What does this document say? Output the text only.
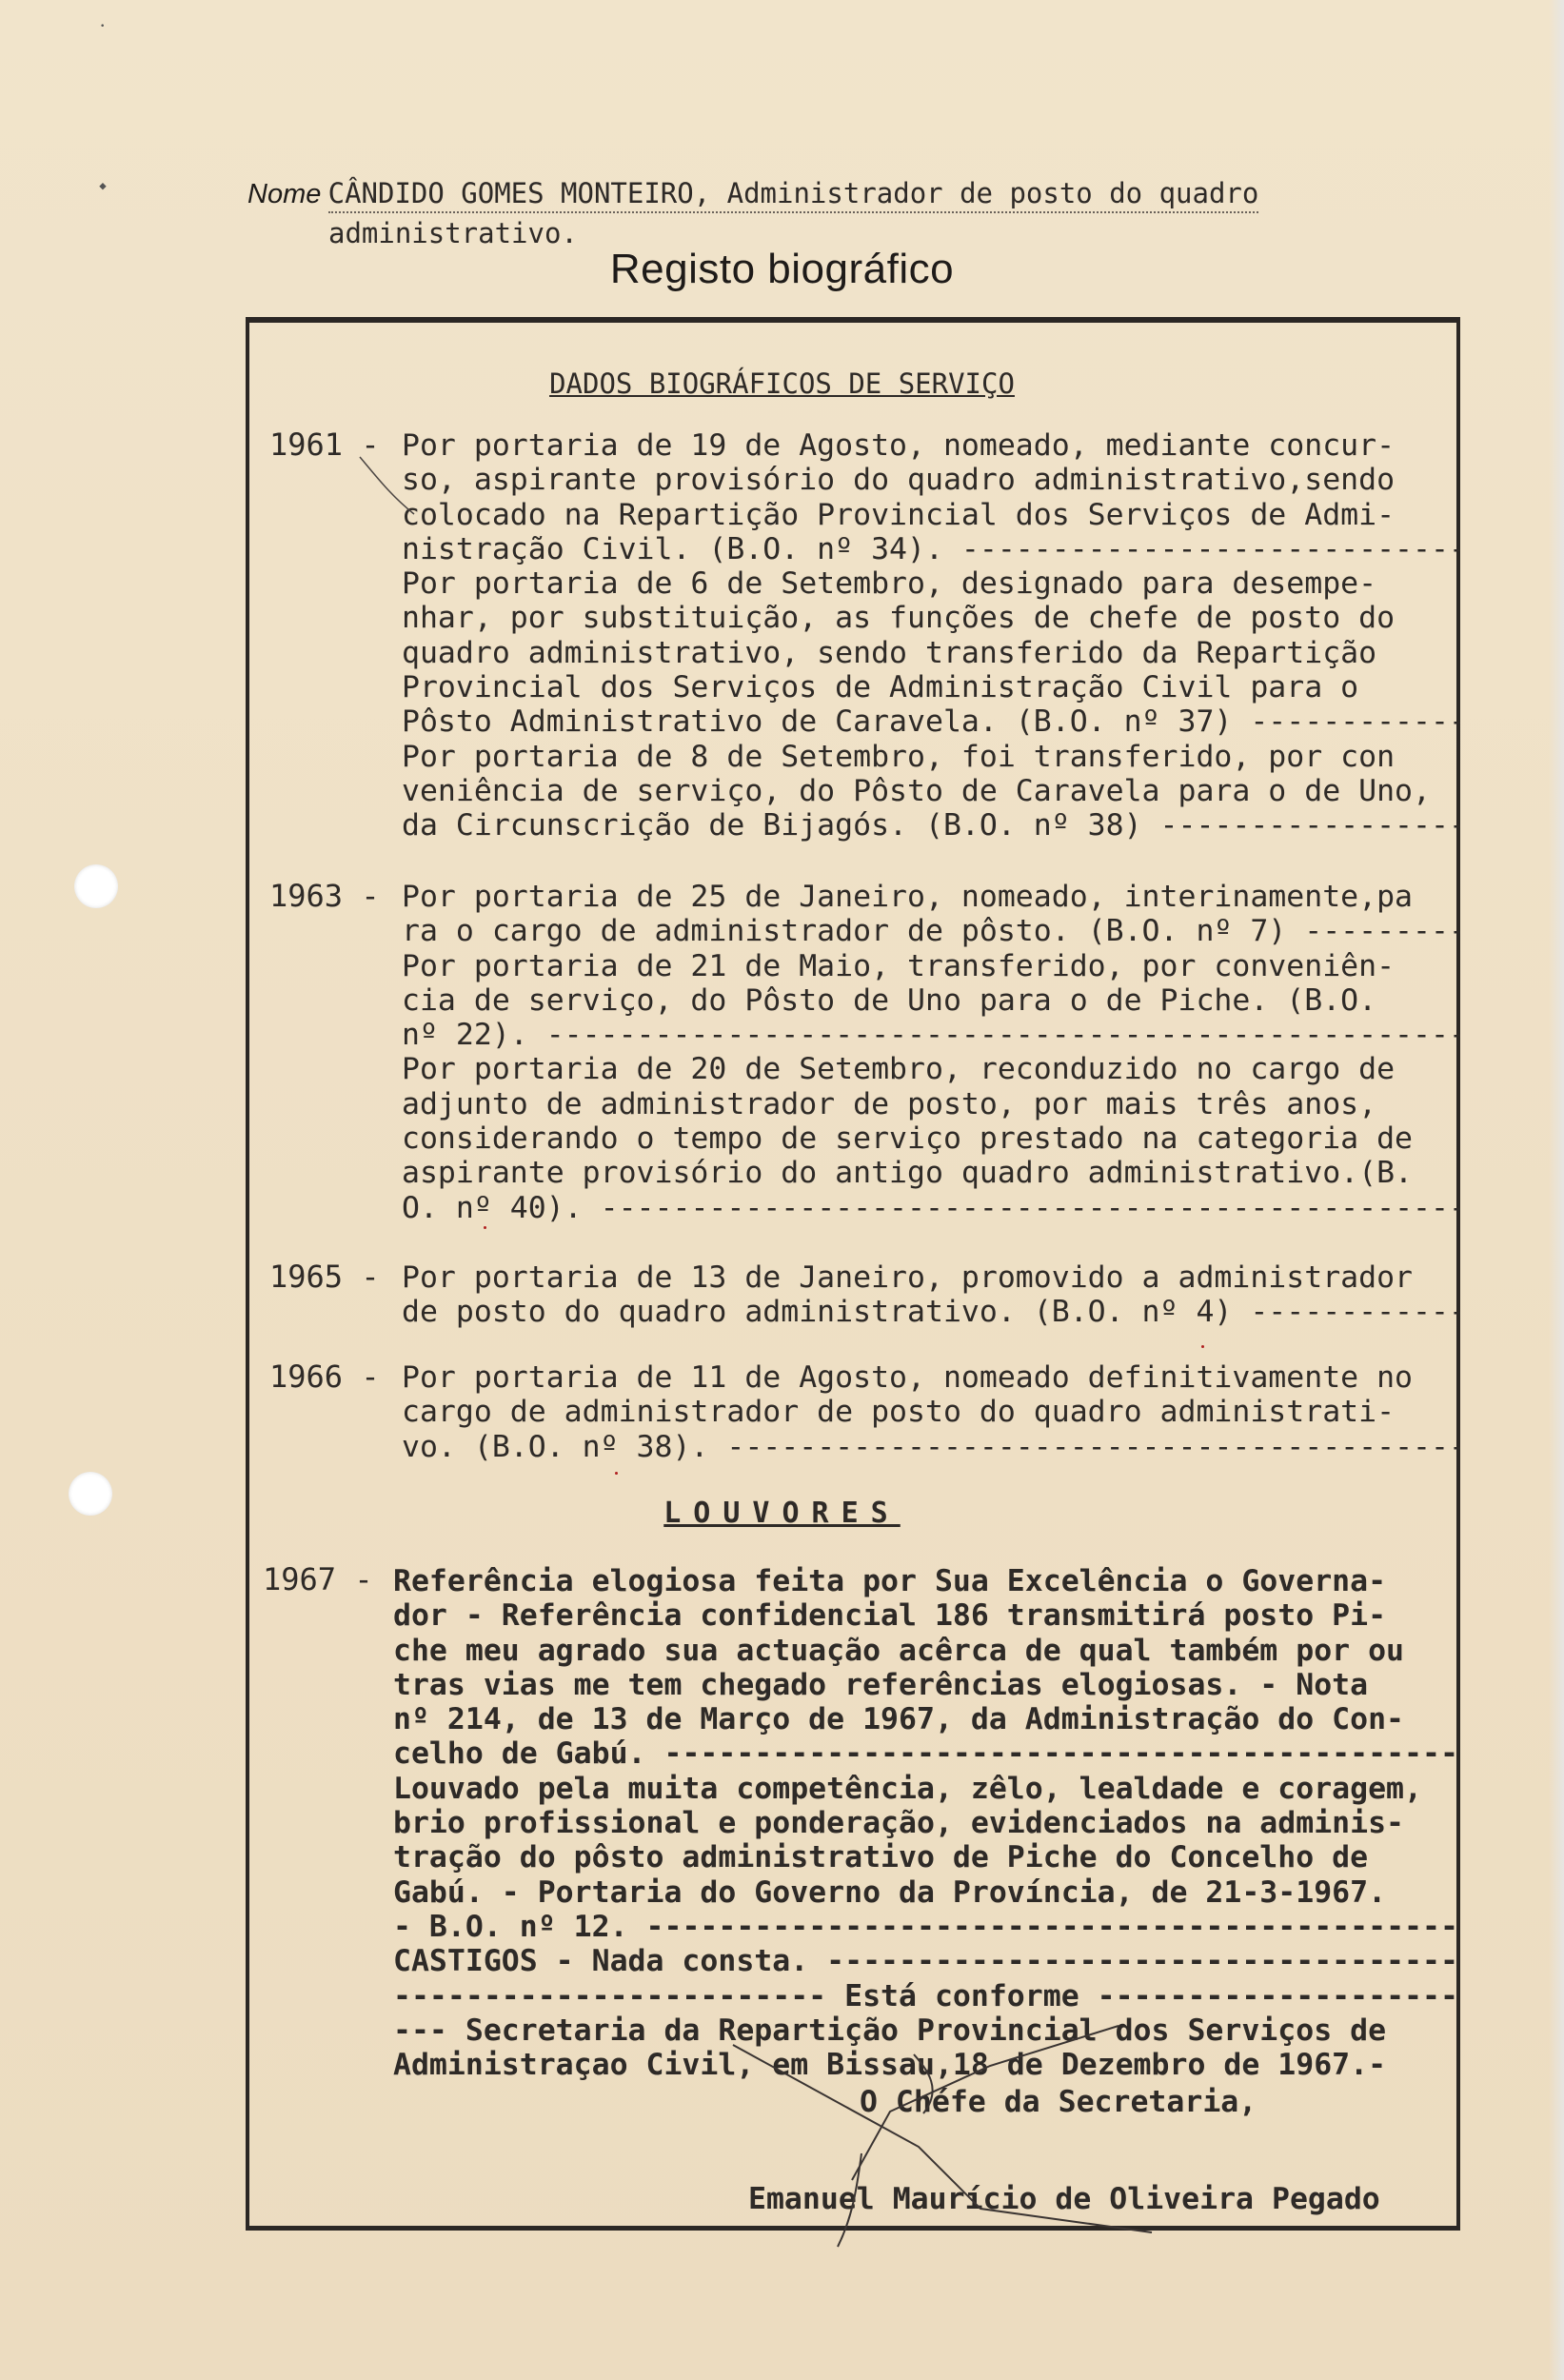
Nome CÂNDIDO GOMES MONTEIRO, Administrador de posto do quadro
administrativo.
Registo biográfico
DADOS BIOGRÁFICOS DE SERVIÇO
1961 - Por portaria de 19 de Agosto, nomeado, mediante concur-
so, aspirante provisório do quadro administrativo,sendo
colocado na Repartição Provincial dos Serviços de Admi-
nistração Civil. (B.O. nº 34). -----
Por portaria de 6 de Setembro, designado para desempe-
nhar, por substituição, as funções de chefe de posto do
quadro administrativo, sendo transferido da Repartição
Provincial dos Serviços de Administração Civil para o
Pôsto Administrativo de Caravela. (B.O. nº 37) -----
Por portaria de 8 de Setembro, foi transferido, por con
veniência de serviço, do Pôsto de Caravela para o de Uno,
da Circunscrição de Bijagós. (B.O. nº 38) -----
1963 - Por portaria de 25 de Janeiro, nomeado, interinamente,pa
ra o cargo de administrador de pôsto. (B.O. nº 7) -----
Por portaria de 21 de Maio, transferido, por conveniên-
cia de serviço, do Pôsto de Uno para o de Piche. (B.O.
nº 22). -----
Por portaria de 20 de Setembro, reconduzido no cargo de
adjunto de administrador de posto, por mais três anos,
considerando o tempo de serviço prestado na categoria de
aspirante provisório do antigo quadro administrativo.(B.
O. nº 40). -----
1965 - Por portaria de 13 de Janeiro, promovido a administrador
de posto do quadro administrativo. (B.O. nº 4) -----
1966 - Por portaria de 11 de Agosto, nomeado definitivamente no
cargo de administrador de posto do quadro administrati-
vo. (B.O. nº 38). -----
LOUVORES
1967 - Referência elogiosa feita por Sua Excelência o Governa-
dor - Referência confidencial 186 transmitirá posto Pi-
che meu agrado sua actuação acêrca de qual também por ou
tras vias me tem chegado referências elogiosas. - Nota
nº 214, de 13 de Março de 1967, da Administração do Con-
celho de Gabú. -----
Louvado pela muita competência, zêlo, lealdade e coragem,
brio profissional e ponderação, evidenciados na adminis-
tração do pôsto administrativo de Piche do Concelho de
Gabú. - Portaria do Governo da Província, de 21-3-1967.
- B.O. nº 12. -----
CASTIGOS - Nada consta. -----
------------------------ Está conforme --------------------
--- Secretaria da Repartição Provincial dos Serviços de
Administraçao Civil, em Bissau,18 de Dezembro de 1967.-
O Chéfe da Secretaria,
Emanuel Maurício de Oliveira Pegado
⬩
·
